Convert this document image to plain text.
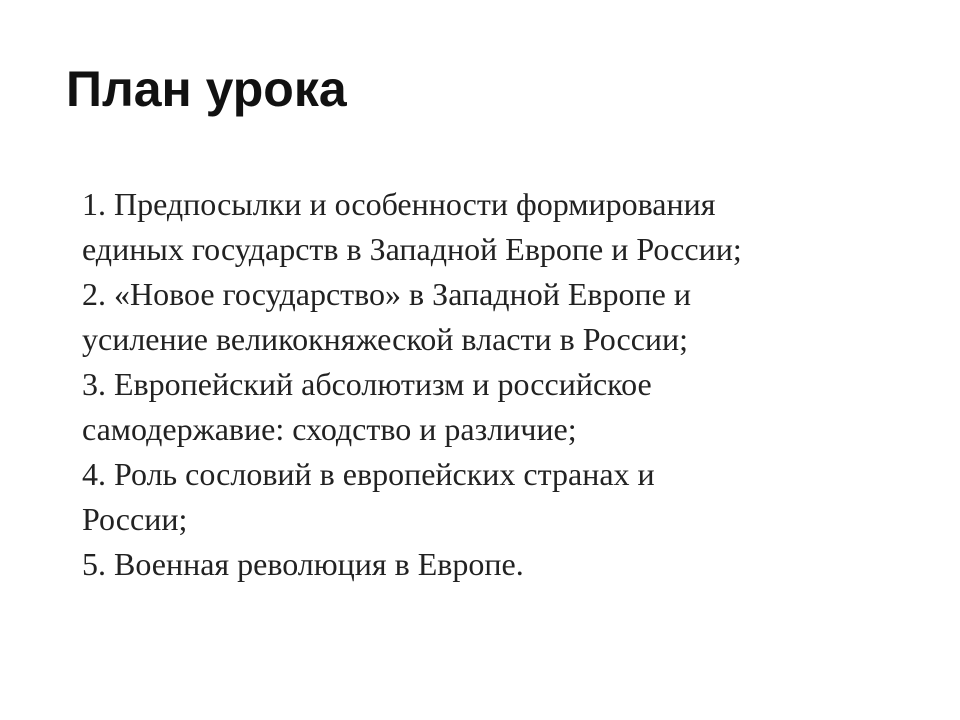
План урока
1. Предпосылки и особенности формирования
единых государств в Западной Европе и России;
2. «Новое государство» в Западной Европе и
усиление великокняжеской власти в России;
3. Европейский абсолютизм и российское
самодержавие: сходство и различие;
4. Роль сословий в европейских странах и
России;
5. Военная революция в Европе.
